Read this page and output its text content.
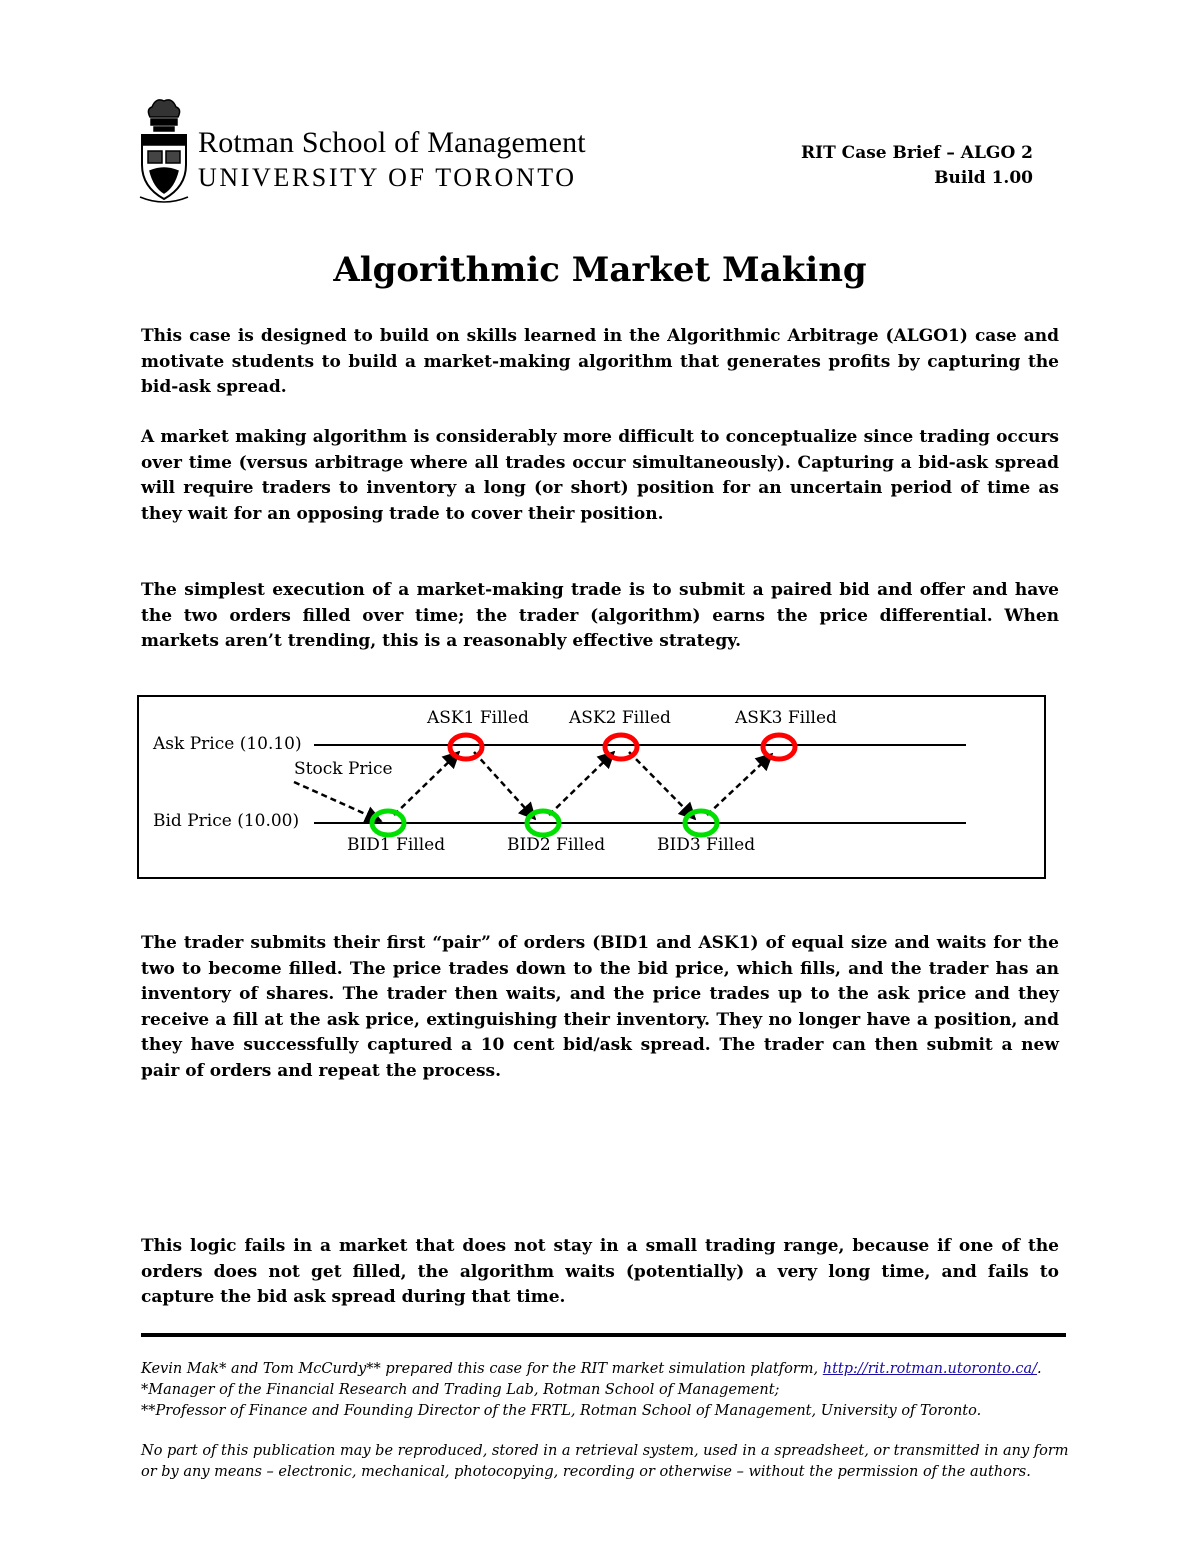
Rotman School of Management
UNIVERSITY OF TORONTO
RIT Case Brief – ALGO 2
Build 1.00
Algorithmic Market Making

This case is designed to build on skills learned in the Algorithmic Arbitrage (ALGO1) case and motivate students to build a market-making algorithm that generates profits by capturing the bid-ask spread.

A market making algorithm is considerably more difficult to conceptualize since trading occurs over time (versus arbitrage where all trades occur simultaneously). Capturing a bid-ask spread will require traders to inventory a long (or short) position for an uncertain period of time as they wait for an opposing trade to cover their position.

The simplest execution of a market-making trade is to submit a paired bid and offer and have the two orders filled over time; the trader (algorithm) earns the price differential. When markets aren’t trending, this is a reasonably effective strategy.

Ask Price (10.10)
Bid Price (10.00)
Stock Price
ASK1 Filled ASK2 Filled	ASK3 Filled
BID1 Filled	BID2 Filled	BID3 Filled

The trader submits their first “pair” of orders (BID1 and ASK1) of equal size and waits for the two to become filled. The price trades down to the bid price, which fills, and the trader has an inventory of shares. The trader then waits, and the price trades up to the ask price and they receive a fill at the ask price, extinguishing their inventory. They no longer have a position, and they have successfully captured a 10 cent bid/ask spread. The trader can then submit a new pair of orders and repeat the process.

This logic fails in a market that does not stay in a small trading range, because if one of the orders does not get filled, the algorithm waits (potentially) a very long time, and fails to capture the bid ask spread during that time.

Kevin Mak* and Tom McCurdy** prepared this case for the RIT market simulation platform, http://rit.rotman.utoronto.ca/.
*Manager of the Financial Research and Trading Lab, Rotman School of Management;
**Professor of Finance and Founding Director of the FRTL, Rotman School of Management, University of Toronto.
No part of this publication may be reproduced, stored in a retrieval system, used in a spreadsheet, or transmitted in any form
or by any means – electronic, mechanical, photocopying, recording or otherwise – without the permission of the authors.
